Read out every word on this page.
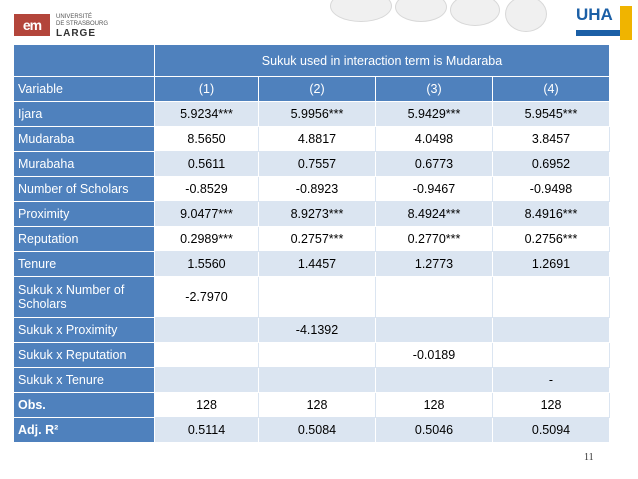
em	UNIVERSITÉ
DE STRASBOURG
LARGE
UHA
	Sukuk used in interaction term is Mudaraba			
Variable	(1)	(2)	(3)	(4)
Ijara	5.9234***	5.9956***	5.9429***	5.9545***
Mudaraba	8.5650	4.8817	4.0498	3.8457
Murabaha	0.5611	0.7557	0.6773	0.6952
Number of Scholars	-0.8529	-0.8923	-0.9467	-0.9498
Proximity	9.0477***	8.9273***	8.4924***	8.4916***
Reputation	0.2989***	0.2757***	0.2770***	0.2756***
Tenure	1.5560	1.4457	1.2773	1.2691
Sukuk x Number of Scholars	-2.7970			
Sukuk x Proximity		-4.1392		
Sukuk x Reputation			-0.0189	
Sukuk x Tenure				-
Obs.	128	128	128	128
Adj. R²	0.5114	0.5084	0.5046	0.5094
11
